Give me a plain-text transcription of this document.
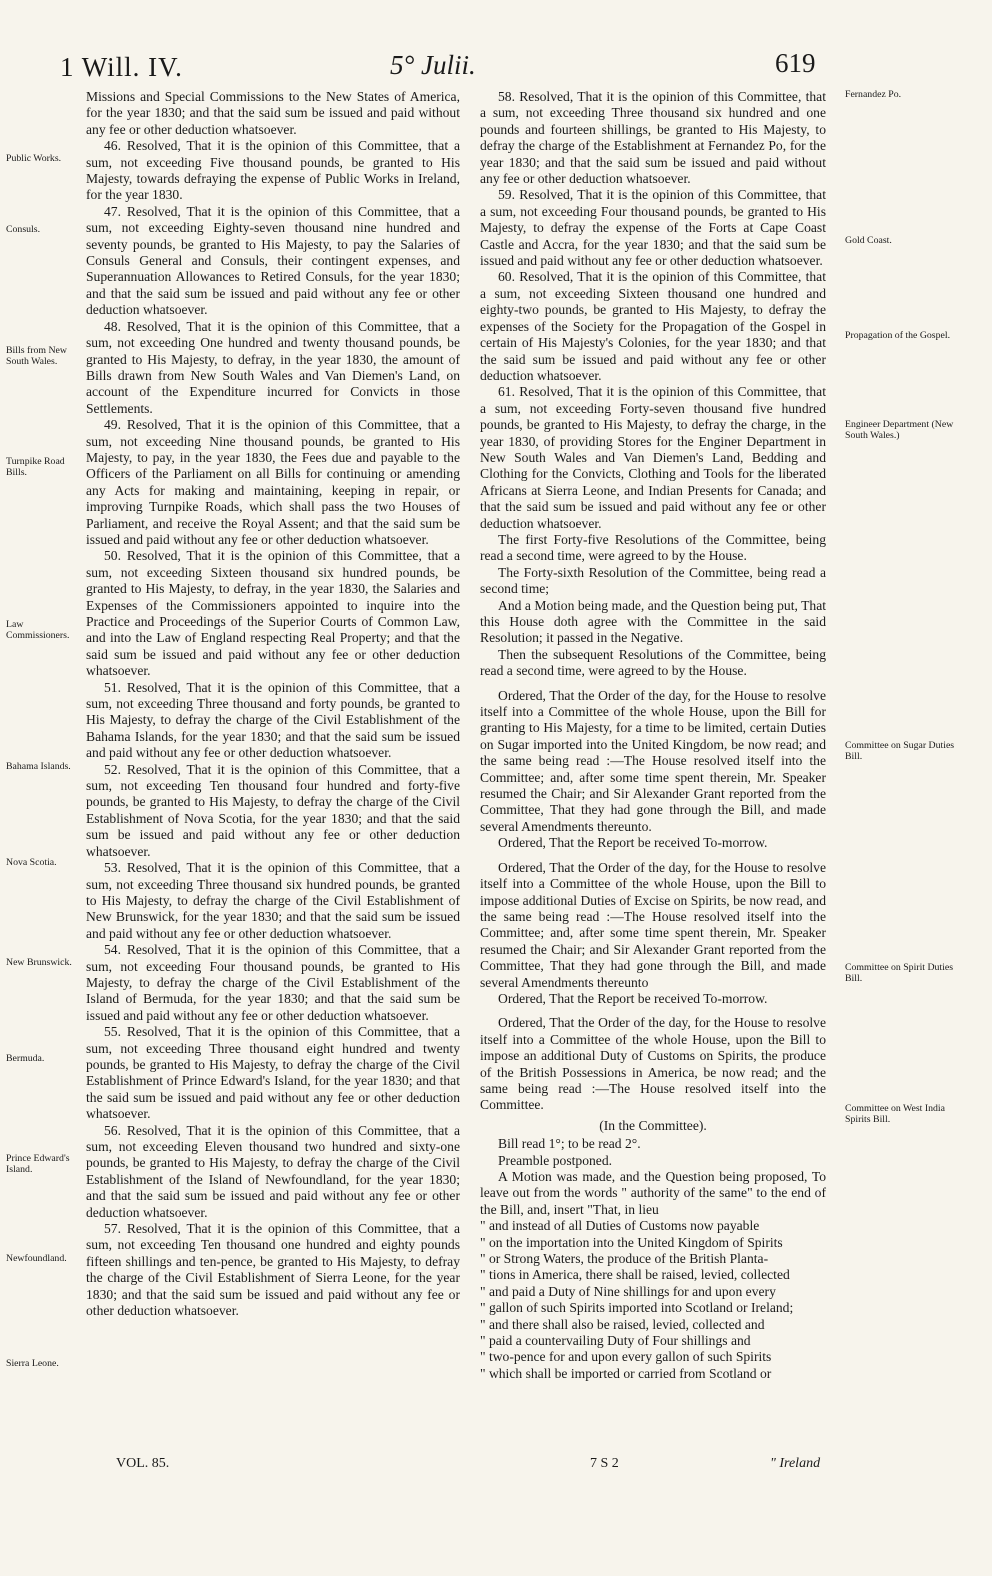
1 Will. IV.	5° Julii.	619
Public Works.
Consuls.
Bills from New South Wales.
Turnpike Road Bills.
Law Commissioners.
Bahama Islands.
Nova Scotia.
New Brunswick.
Bermuda.
Prince Edward's Island.
Newfoundland.
Sierra Leone.
Fernandez Po.
Gold Coast.
Propagation of the Gospel.
Engineer Department (New South Wales.)
Committee on Sugar Duties Bill.
Committee on Spirit Duties Bill.
Committee on West India Spirits Bill.

Missions and Special Commissions to the New States of America, for the year 1830; and that the said sum be issued and paid without any fee or other deduction whatsoever.

46. Resolved, That it is the opinion of this Committee, that a sum, not exceeding Five thousand pounds, be granted to His Majesty, towards defraying the expense of Public Works in Ireland, for the year 1830.

47. Resolved, That it is the opinion of this Committee, that a sum, not exceeding Eighty-seven thousand nine hundred and seventy pounds, be granted to His Majesty, to pay the Salaries of Consuls General and Consuls, their contingent expenses, and Superannuation Allowances to Retired Consuls, for the year 1830; and that the said sum be issued and paid without any fee or other deduction whatsoever.

48. Resolved, That it is the opinion of this Committee, that a sum, not exceeding One hundred and twenty thousand pounds, be granted to His Majesty, to defray, in the year 1830, the amount of Bills drawn from New South Wales and Van Diemen's Land, on account of the Expenditure incurred for Convicts in those Settlements.

49. Resolved, That it is the opinion of this Committee, that a sum, not exceeding Nine thousand pounds, be granted to His Majesty, to pay, in the year 1830, the Fees due and payable to the Officers of the Parliament on all Bills for continuing or amending any Acts for making and maintaining, keeping in repair, or improving Turnpike Roads, which shall pass the two Houses of Parliament, and receive the Royal Assent; and that the said sum be issued and paid without any fee or other deduction whatsoever.

50. Resolved, That it is the opinion of this Committee, that a sum, not exceeding Sixteen thousand six hundred pounds, be granted to His Majesty, to defray, in the year 1830, the Salaries and Expenses of the Commissioners appointed to inquire into the Practice and Proceedings of the Superior Courts of Common Law, and into the Law of England respecting Real Property; and that the said sum be issued and paid without any fee or other deduction whatsoever.

51. Resolved, That it is the opinion of this Committee, that a sum, not exceeding Three thousand and forty pounds, be granted to His Majesty, to defray the charge of the Civil Establishment of the Bahama Islands, for the year 1830; and that the said sum be issued and paid without any fee or other deduction whatsoever.

52. Resolved, That it is the opinion of this Committee, that a sum, not exceeding Ten thousand four hundred and forty-five pounds, be granted to His Majesty, to defray the charge of the Civil Establishment of Nova Scotia, for the year 1830; and that the said sum be issued and paid without any fee or other deduction whatsoever.

53. Resolved, That it is the opinion of this Committee, that a sum, not exceeding Three thousand six hundred pounds, be granted to His Majesty, to defray the charge of the Civil Establishment of New Brunswick, for the year 1830; and that the said sum be issued and paid without any fee or other deduction whatsoever.

54. Resolved, That it is the opinion of this Committee, that a sum, not exceeding Four thousand pounds, be granted to His Majesty, to defray the charge of the Civil Establishment of the Island of Bermuda, for the year 1830; and that the said sum be issued and paid without any fee or other deduction whatsoever.

55. Resolved, That it is the opinion of this Committee, that a sum, not exceeding Three thousand eight hundred and twenty pounds, be granted to His Majesty, to defray the charge of the Civil Establishment of Prince Edward's Island, for the year 1830; and that the said sum be issued and paid without any fee or other deduction whatsoever.

56. Resolved, That it is the opinion of this Committee, that a sum, not exceeding Eleven thousand two hundred and sixty-one pounds, be granted to His Majesty, to defray the charge of the Civil Establishment of the Island of Newfoundland, for the year 1830; and that the said sum be issued and paid without any fee or other deduction whatsoever.

57. Resolved, That it is the opinion of this Committee, that a sum, not exceeding Ten thousand one hundred and eighty pounds fifteen shillings and ten-pence, be granted to His Majesty, to defray the charge of the Civil Establishment of Sierra Leone, for the year 1830; and that the said sum be issued and paid without any fee or other deduction whatsoever.

58. Resolved, That it is the opinion of this Committee, that a sum, not exceeding Three thousand six hundred and one pounds and fourteen shillings, be granted to His Majesty, to defray the charge of the Establishment at Fernandez Po, for the year 1830; and that the said sum be issued and paid without any fee or other deduction whatsoever.

59. Resolved, That it is the opinion of this Committee, that a sum, not exceeding Four thousand pounds, be granted to His Majesty, to defray the expense of the Forts at Cape Coast Castle and Accra, for the year 1830; and that the said sum be issued and paid without any fee or other deduction whatsoever.

60. Resolved, That it is the opinion of this Committee, that a sum, not exceeding Sixteen thousand one hundred and eighty-two pounds, be granted to His Majesty, to defray the expenses of the Society for the Propagation of the Gospel in certain of His Majesty's Colonies, for the year 1830; and that the said sum be issued and paid without any fee or other deduction whatsoever.

61. Resolved, That it is the opinion of this Committee, that a sum, not exceeding Forty-seven thousand five hundred pounds, be granted to His Majesty, to defray the charge, in the year 1830, of providing Stores for the Enginer Department in New South Wales and Van Diemen's Land, Bedding and Clothing for the Convicts, Clothing and Tools for the liberated Africans at Sierra Leone, and Indian Presents for Canada; and that the said sum be issued and paid without any fee or other deduction whatsoever.

The first Forty-five Resolutions of the Committee, being read a second time, were agreed to by the House.

The Forty-sixth Resolution of the Committee, being read a second time;

And a Motion being made, and the Question being put, That this House doth agree with the Committee in the said Resolution; it passed in the Negative.

Then the subsequent Resolutions of the Committee, being read a second time, were agreed to by the House.

Ordered, That the Order of the day, for the House to resolve itself into a Committee of the whole House, upon the Bill for granting to His Majesty, for a time to be limited, certain Duties on Sugar imported into the United Kingdom, be now read; and the same being read :—The House resolved itself into the Committee; and, after some time spent therein, Mr. Speaker resumed the Chair; and Sir Alexander Grant reported from the Committee, That they had gone through the Bill, and made several Amendments thereunto.

Ordered, That the Report be received To-morrow.

Ordered, That the Order of the day, for the House to resolve itself into a Committee of the whole House, upon the Bill to impose additional Duties of Excise on Spirits, be now read, and the same being read :—The House resolved itself into the Committee; and, after some time spent therein, Mr. Speaker resumed the Chair; and Sir Alexander Grant reported from the Committee, That they had gone through the Bill, and made several Amendments thereunto

Ordered, That the Report be received To-morrow.

Ordered, That the Order of the day, for the House to resolve itself into a Committee of the whole House, upon the Bill to impose an additional Duty of Customs on Spirits, the produce of the British Possessions in America, be now read; and the same being read :—The House resolved itself into the Committee.

(In the Committee).

Bill read 1°; to be read 2°.

Preamble postponed.

A Motion was made, and the Question being proposed, To leave out from the words " authority of the same" to the end of the Bill, and, insert "That, in lieu

" and instead of all Duties of Customs now payable

" on the importation into the United Kingdom of Spirits

" or Strong Waters, the produce of the British Planta-

" tions in America, there shall be raised, levied, collected

" and paid a Duty of Nine shillings for and upon every

" gallon of such Spirits imported into Scotland or Ireland;

" and there shall also be raised, levied, collected and

" paid a countervailing Duty of Four shillings and

" two-pence for and upon every gallon of such Spirits

" which shall be imported or carried from Scotland or

VOL. 85.	7 S 2	" Ireland
